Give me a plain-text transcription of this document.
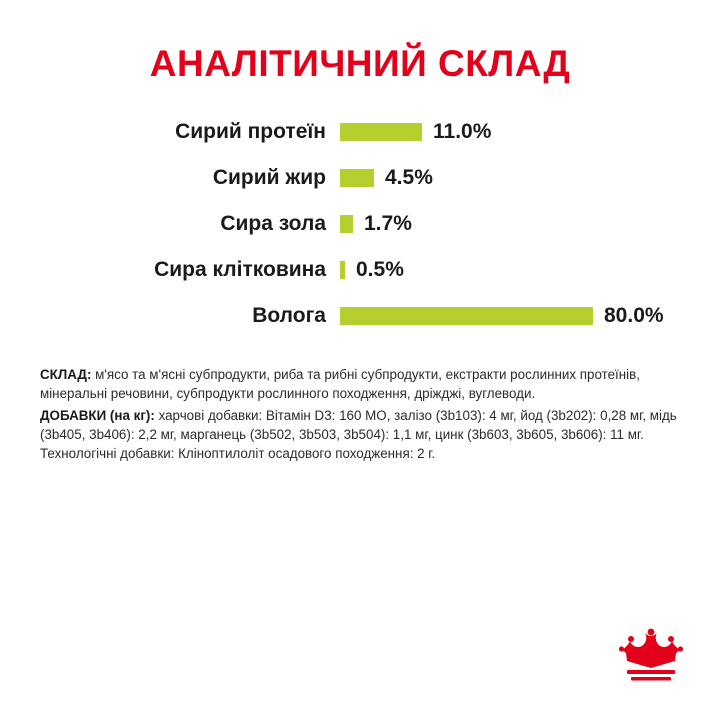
АНАЛІТИЧНИЙ СКЛАД
Сирий протеїн	11.0%
Сирий жир	4.5%
Сира зола	1.7%
Сира клітковина	0.5%
Волога	80.0%

СКЛАД: м'ясо та м'ясні субпродукти, риба та рибні субпродукти, екстракти рослинних протеїнів, мінеральні речовини, субпродукти рослинного походження, дріжджі, вуглеводи.

ДОБАВКИ (на кг): харчові добавки: Вітамін D3: 160 МО, залізо (3b103): 4 мг, йод (3b202): 0,28 мг, мідь (3b405, 3b406): 2,2 мг, марганець (3b502, 3b503, 3b504): 1,1 мг, цинк (3b603, 3b605, 3b606): 11 мг. Технологічні добавки: Кліноптилоліт осадового походження: 2 г.
